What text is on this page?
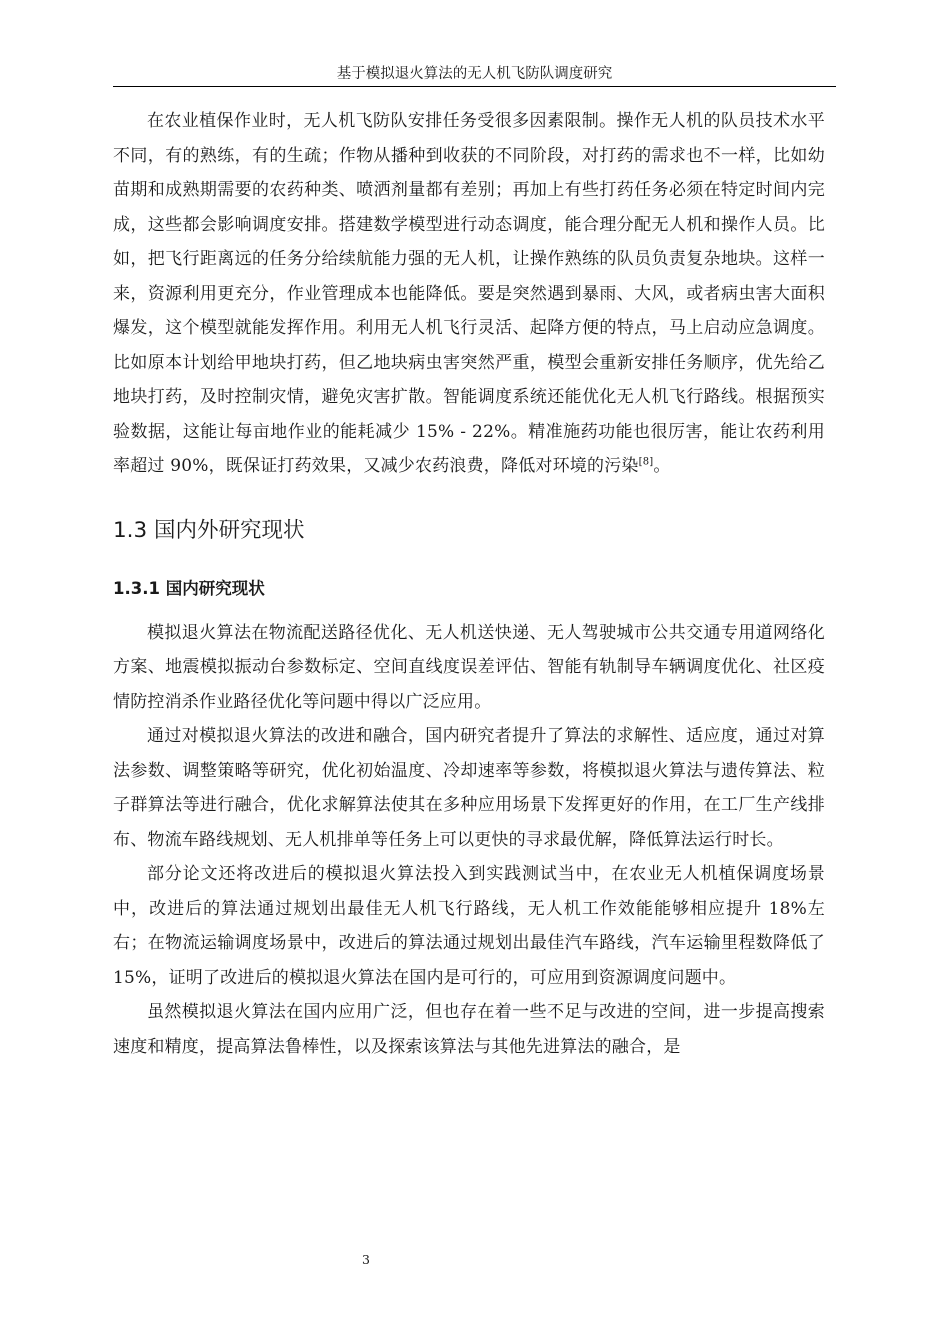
基于模拟退火算法的无人机飞防队调度研究

在农业植保作业时，无人机飞防队安排任务受很多因素限制。操作无人机的队员技术水平不同，有的熟练，有的生疏；作物从播种到收获的不同阶段，对打药的需求也不一样，比如幼苗期和成熟期需要的农药种类、喷洒剂量都有差别；再加上有些打药任务必须在特定时间内完成，这些都会影响调度安排。搭建数学模型进行动态调度，能合理分配无人机和操作人员。比如，把飞行距离远的任务分给续航能力强的无人机，让操作熟练的队员负责复杂地块。这样一来，资源利用更充分，作业管理成本也能降低。要是突然遇到暴雨、大风，或者病虫害大面积爆发，这个模型就能发挥作用。利用无人机飞行灵活、起降方便的特点，马上启动应急调度。比如原本计划给甲地块打药，但乙地块病虫害突然严重，模型会重新安排任务顺序，优先给乙地块打药，及时控制灾情，避免灾害扩散。智能调度系统还能优化无人机飞行路线。根据预实验数据，这能让每亩地作业的能耗减少 15% - 22%。精准施药功能也很厉害，能让农药利用率超过 90%，既保证打药效果，又减少农药浪费，降低对环境的污染[8]。

1.3 国内外研究现状
1.3.1 国内研究现状

模拟退火算法在物流配送路径优化、无人机送快递、无人驾驶城市公共交通专用道网络化方案、地震模拟振动台参数标定、空间直线度误差评估、智能有轨制导车辆调度优化、社区疫情防控消杀作业路径优化等问题中得以广泛应用。

通过对模拟退火算法的改进和融合，国内研究者提升了算法的求解性、适应度，通过对算法参数、调整策略等研究，优化初始温度、冷却速率等参数，将模拟退火算法与遗传算法、粒子群算法等进行融合，优化求解算法使其在多种应用场景下发挥更好的作用，在工厂生产线排布、物流车路线规划、无人机排单等任务上可以更快的寻求最优解，降低算法运行时长。

部分论文还将改进后的模拟退火算法投入到实践测试当中，在农业无人机植保调度场景中，改进后的算法通过规划出最佳无人机飞行路线，无人机工作效能能够相应提升 18%左右；在物流运输调度场景中，改进后的算法通过规划出最佳汽车路线，汽车运输里程数降低了 15%，证明了改进后的模拟退火算法在国内是可行的，可应用到资源调度问题中。

虽然模拟退火算法在国内应用广泛，但也存在着一些不足与改进的空间，进一步提高搜索速度和精度，提高算法鲁棒性，以及探索该算法与其他先进算法的融合，是

3
